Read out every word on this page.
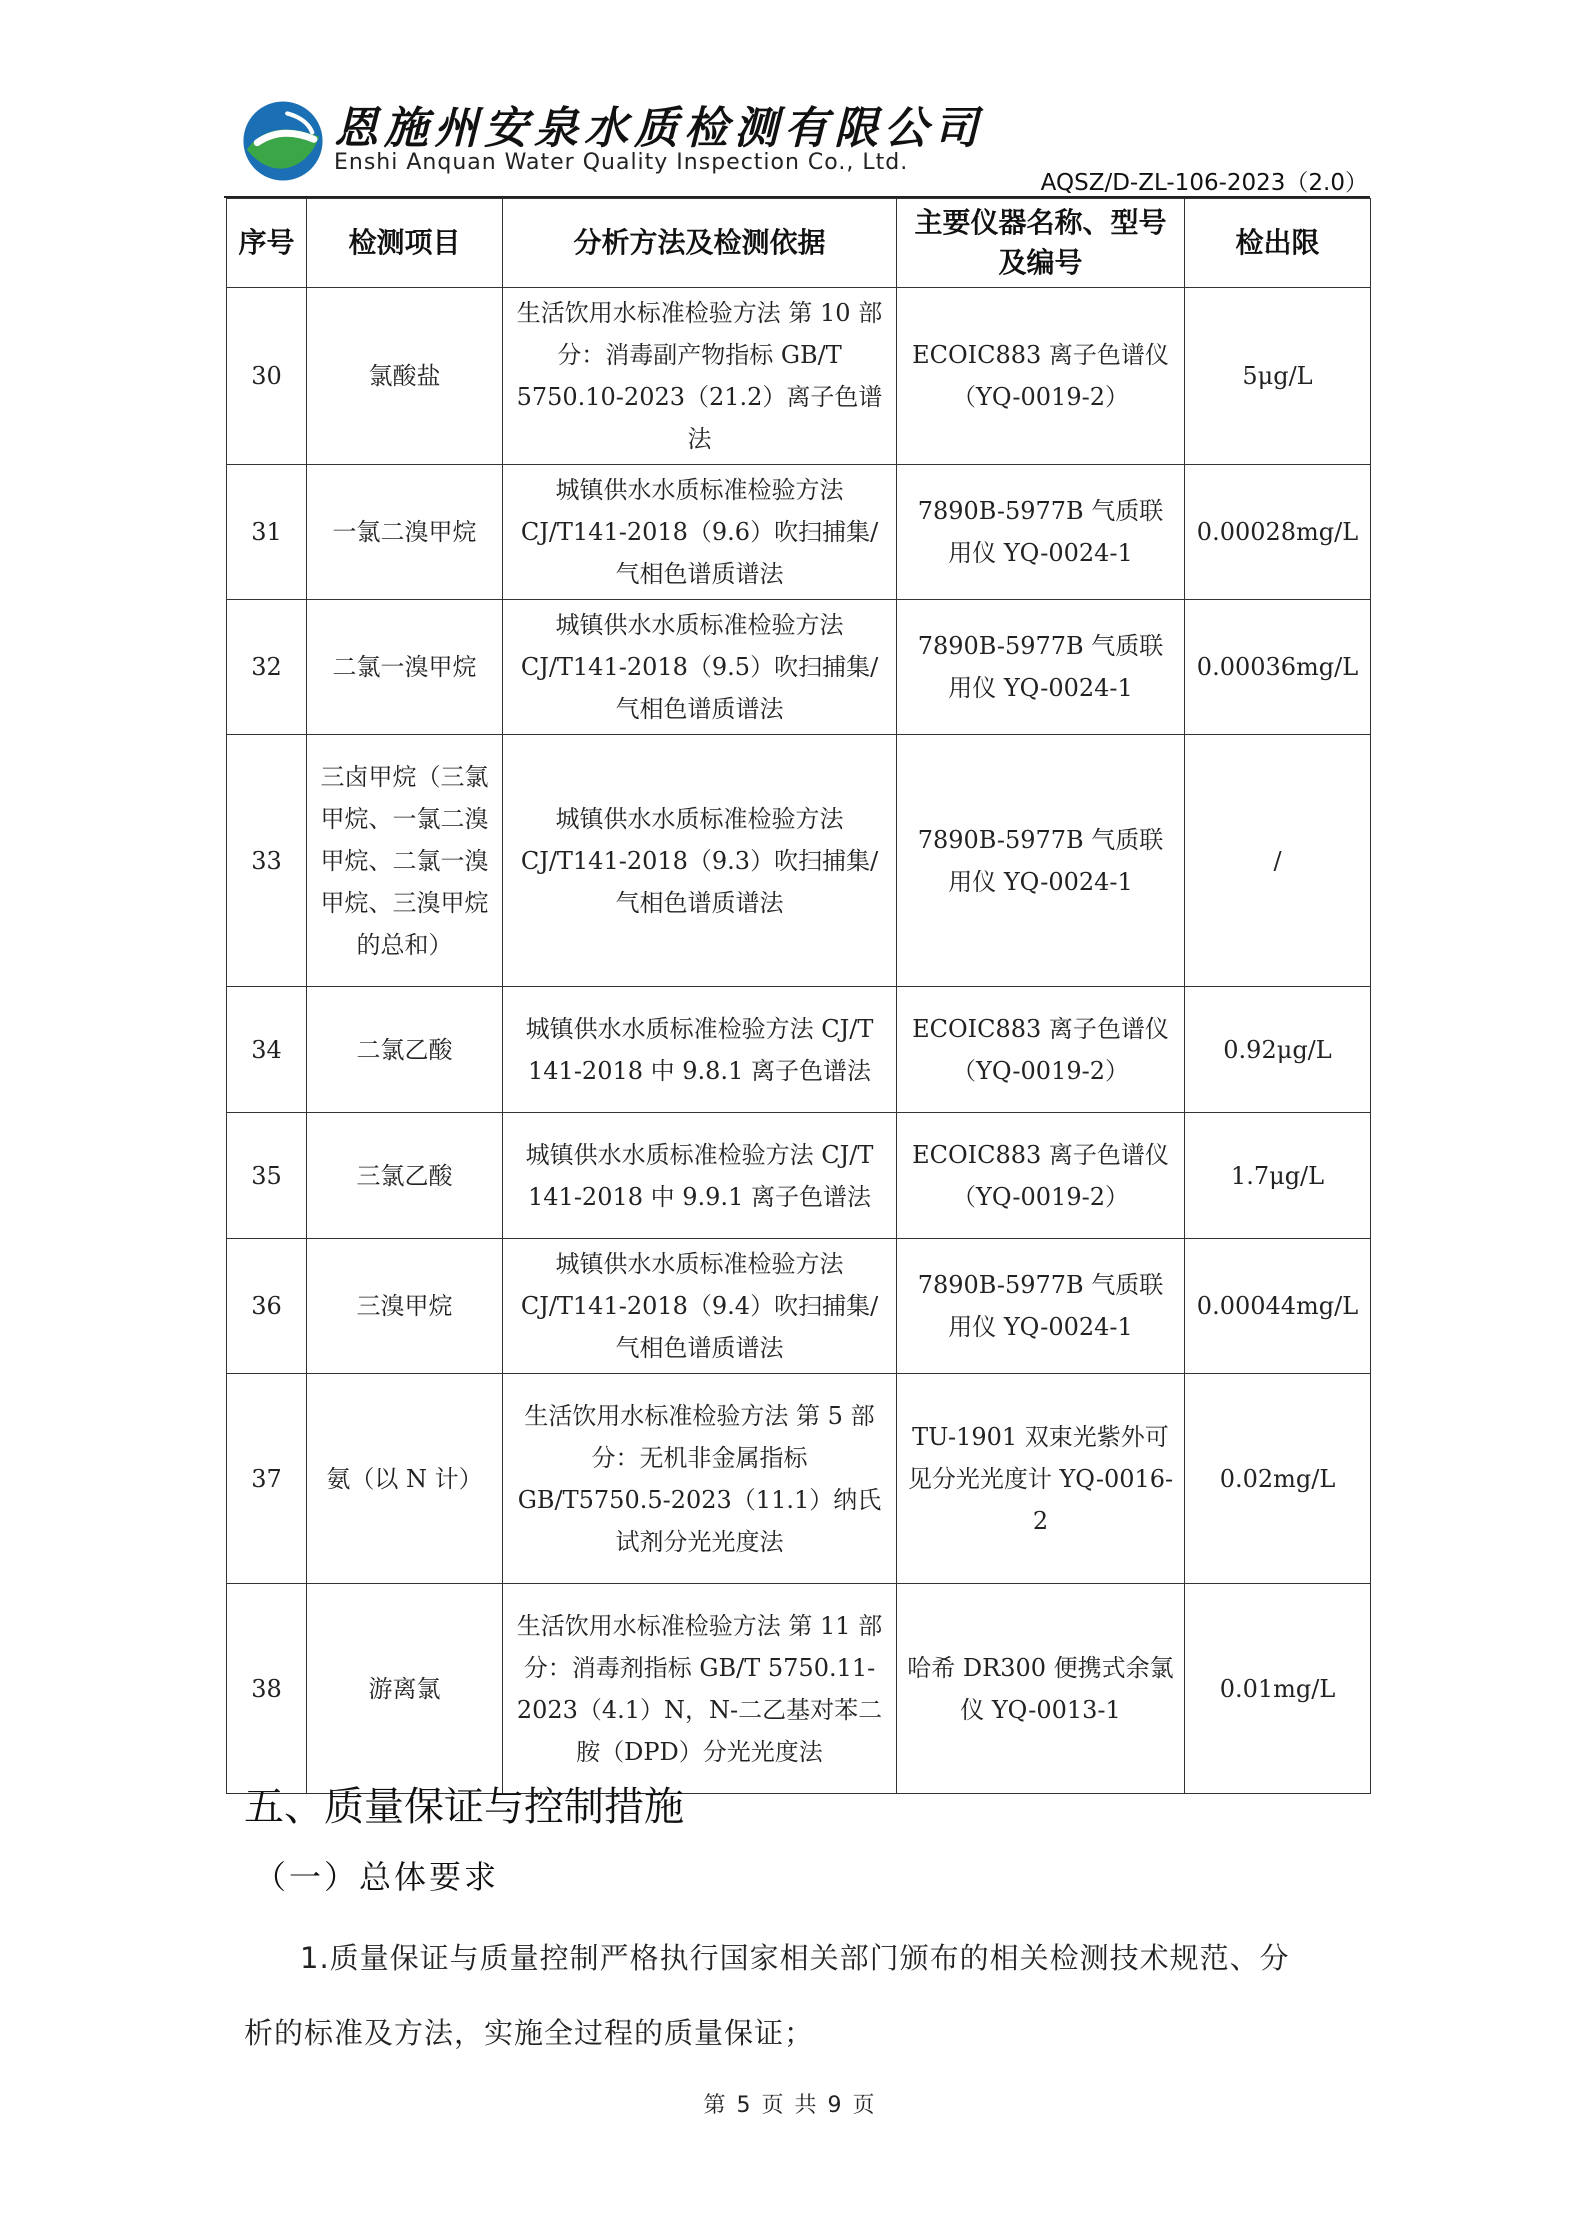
恩施州安泉水质检测有限公司
Enshi Anquan Water Quality Inspection Co., Ltd.
AQSZ/D-ZL-106-2023（2.0）
序号	检测项目	分析方法及检测依据	主要仪器名称、型号及编号	检出限
30	氯酸盐	生活饮用水标准检验方法 第 10 部分：消毒副产物指标 GB/T 5750.10-2023（21.2）离子色谱法	ECOIC883 离子色谱仪 （YQ-0019-2）	5μg/L
31	一氯二溴甲烷	城镇供水水质标准检验方法 CJ/T141-2018（9.6）吹扫捕集/气相色谱质谱法	7890B-5977B 气质联用仪 YQ-0024-1	0.00028mg/L
32	二氯一溴甲烷	城镇供水水质标准检验方法 CJ/T141-2018（9.5）吹扫捕集/气相色谱质谱法	7890B-5977B 气质联用仪 YQ-0024-1	0.00036mg/L
33	三卤甲烷（三氯甲烷、一氯二溴甲烷、二氯一溴甲烷、三溴甲烷的总和）	城镇供水水质标准检验方法 CJ/T141-2018（9.3）吹扫捕集/气相色谱质谱法	7890B-5977B 气质联用仪 YQ-0024-1	/
34	二氯乙酸	城镇供水水质标准检验方法 CJ/T 141-2018 中 9.8.1 离子色谱法	ECOIC883 离子色谱仪 （YQ-0019-2）	0.92μg/L
35	三氯乙酸	城镇供水水质标准检验方法 CJ/T 141-2018 中 9.9.1 离子色谱法	ECOIC883 离子色谱仪 （YQ-0019-2）	1.7μg/L
36	三溴甲烷	城镇供水水质标准检验方法 CJ/T141-2018（9.4）吹扫捕集/气相色谱质谱法	7890B-5977B 气质联用仪 YQ-0024-1	0.00044mg/L
37	氨（以 N 计）	生活饮用水标准检验方法 第 5 部分：无机非金属指标 GB/T5750.5-2023（11.1）纳氏试剂分光光度法	TU-1901 双束光紫外可见分光光度计 YQ-0016-2	0.02mg/L
38	游离氯	生活饮用水标准检验方法 第 11 部分：消毒剂指标 GB/T 5750.11-2023（4.1）N，N-二乙基对苯二胺（DPD）分光光度法	哈希 DR300 便携式余氯仪 YQ-0013-1	0.01mg/L
五、质量保证与控制措施
（一）总体要求
1.质量保证与质量控制严格执行国家相关部门颁布的相关检测技术规范、分
析的标准及方法，实施全过程的质量保证；
第 5 页 共 9 页
